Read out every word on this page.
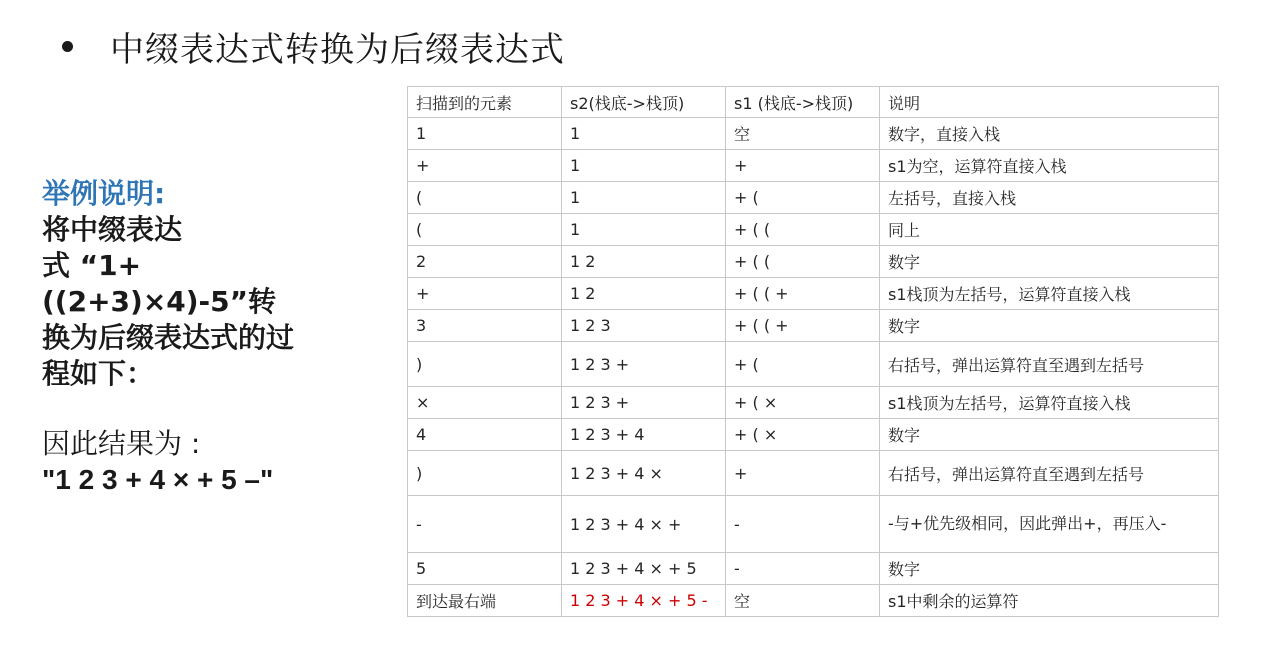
中缀表达式转换为后缀表达式
举例说明:
将中缀表达
式 “1+((2+3)×4)-5”转
换为后缀表达式的过
程如下：
因此结果为 :
"1 2 3 + 4 × + 5 –"
扫描到的元素	s2(栈底->栈顶)	s1 (栈底->栈顶)	说明
1	1	空	数字，直接入栈
+	1	+	s1为空，运算符直接入栈
(	1	+ (	左括号，直接入栈
(	1	+ ( (	同上
2	1 2	+ ( (	数字
+	1 2	+ ( ( +	s1栈顶为左括号，运算符直接入栈
3	1 2 3	+ ( ( +	数字
)	1 2 3 +	+ (	右括号，弹出运算符直至遇到左括号
×	1 2 3 +	+ ( ×	s1栈顶为左括号，运算符直接入栈
4	1 2 3 + 4	+ ( ×	数字
)	1 2 3 + 4 ×	+	右括号，弹出运算符直至遇到左括号
-	1 2 3 + 4 × +	-	-与+优先级相同，因此弹出+，再压入-
5	1 2 3 + 4 × + 5	-	数字
到达最右端	1 2 3 + 4 × + 5 -	空	s1中剩余的运算符
